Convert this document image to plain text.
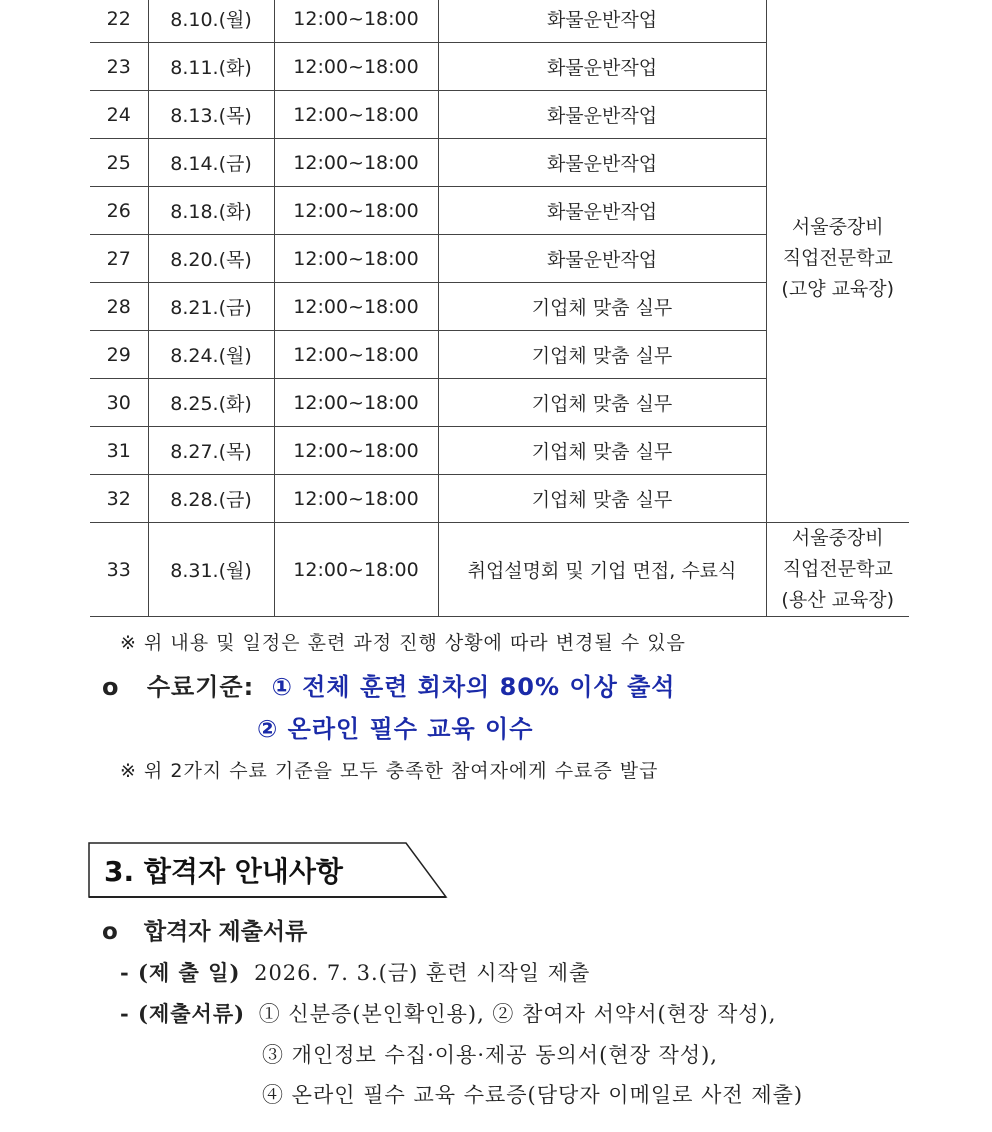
22	8.10.(월)	12:00~18:00	화물운반작업	서울중장비
직업전문학교
(고양 교육장)

23	8.11.(화)	12:00~18:00	화물운반작업	
24	8.13.(목)	12:00~18:00	화물운반작업	
25	8.14.(금)	12:00~18:00	화물운반작업	
26	8.18.(화)	12:00~18:00	화물운반작업	
27	8.20.(목)	12:00~18:00	화물운반작업	
28	8.21.(금)	12:00~18:00	기업체 맞춤 실무	
29	8.24.(월)	12:00~18:00	기업체 맞춤 실무	
30	8.25.(화)	12:00~18:00	기업체 맞춤 실무	
31	8.27.(목)	12:00~18:00	기업체 맞춤 실무	
32	8.28.(금)	12:00~18:00	기업체 맞춤 실무	
33	8.31.(월)	12:00~18:00	취업설명회 및 기업 면접, 수료식	서울중장비
직업전문학교
(용산 교육장)
※ 위 내용 및 일정은 훈련 과정 진행 상황에 따라 변경될 수 있음
o 수료기준: ① 전체 훈련 회차의 80% 이상 출석
② 온라인 필수 교육 이수
※ 위 2가지 수료 기준을 모두 충족한 참여자에게 수료증 발급
3. 합격자 안내사항
o 합격자 제출서류
- (제 출 일) 2026. 7. 3.(금) 훈련 시작일 제출
- (제출서류) ① 신분증(본인확인용), ② 참여자 서약서(현장 작성),
③ 개인정보 수집·이용·제공 동의서(현장 작성),
④ 온라인 필수 교육 수료증(담당자 이메일로 사전 제출)
